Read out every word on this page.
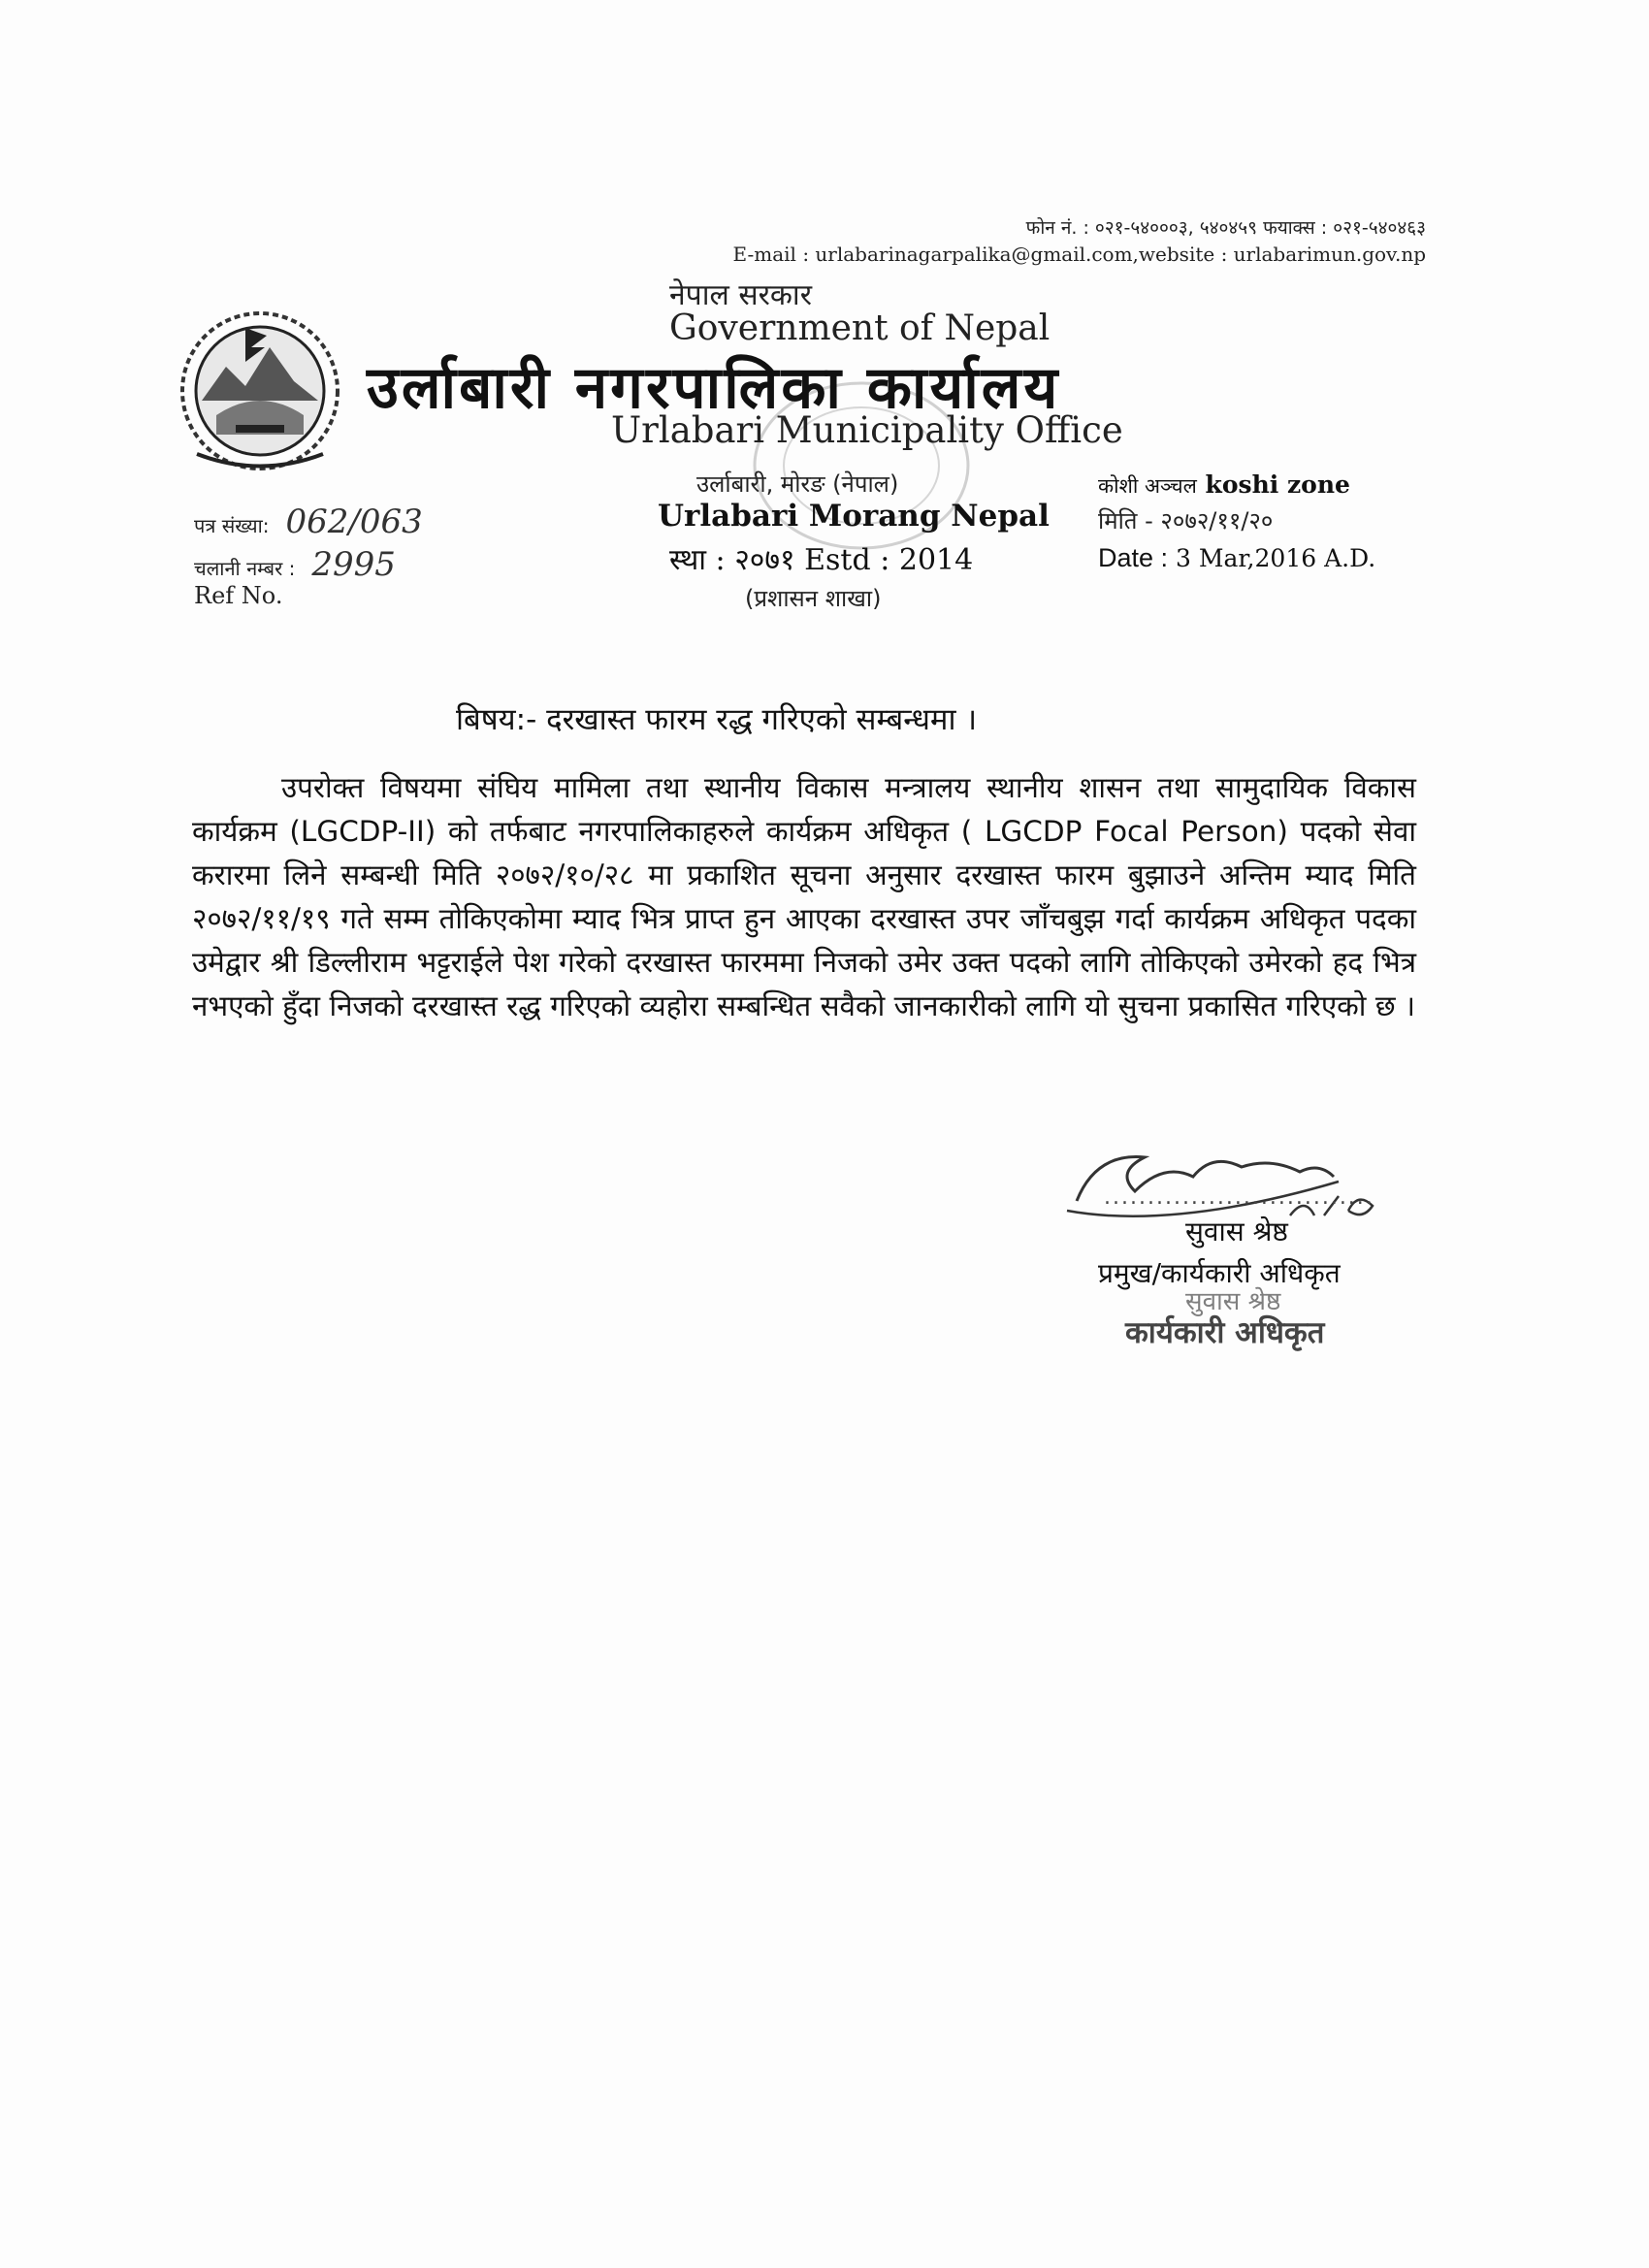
फोन नं. : ०२१-५४०००३, ५४०४५९ फयाक्स : ०२१-५४०४६३
E-mail : urlabarinagarpalika@gmail.com,website : urlabarimun.gov.np
नेपाल सरकार
Government of Nepal
उर्लाबारी नगरपालिका कार्यालय
Urlabari Municipality Office
उर्लाबारी, मोरङ (नेपाल)
Urlabari Morang Nepal
स्था : २०७१ Estd : 2014
(प्रशासन शाखा)
कोशी अञ्चल koshi zone
मिति - २०७२/११/२०
Date : 3 Mar,2016 A.D.
पत्र संख्या: 062/063
चलानी नम्बर : 2995
Ref No.
बिषय:- दरखास्त फारम रद्ध गरिएको सम्बन्धमा ।
उपरोक्त विषयमा संघिय मामिला तथा स्थानीय विकास मन्त्रालय स्थानीय शासन तथा सामुदायिक विकास कार्यक्रम (LGCDP-II) को तर्फबाट नगरपालिकाहरुले कार्यक्रम अधिकृत ( LGCDP Focal Person) पदको सेवा करारमा लिने सम्बन्धी मिति २०७२/१०/२८ मा प्रकाशित सूचना अनुसार दरखास्त फारम बुझाउने अन्तिम म्याद मिति २०७२/११/१९ गते सम्म तोकिएकोमा म्याद भित्र प्राप्त हुन आएका दरखास्त उपर जाँचबुझ गर्दा कार्यक्रम अधिकृत पदका उमेद्वार श्री डिल्लीराम भट्टराईले पेश गरेको दरखास्त फारममा निजको उमेर उक्त पदको लागि तोकिएको उमेरको हद भित्र नभएको हुँदा निजको दरखास्त रद्ध गरिएको व्यहोरा सम्बन्धित सवैको जानकारीको लागि यो सुचना प्रकासित गरिएको छ ।
...............................
सुवास श्रेष्ठ
प्रमुख/कार्यकारी अधिकृत
सुवास श्रेष्ठ
कार्यकारी अधिकृत
